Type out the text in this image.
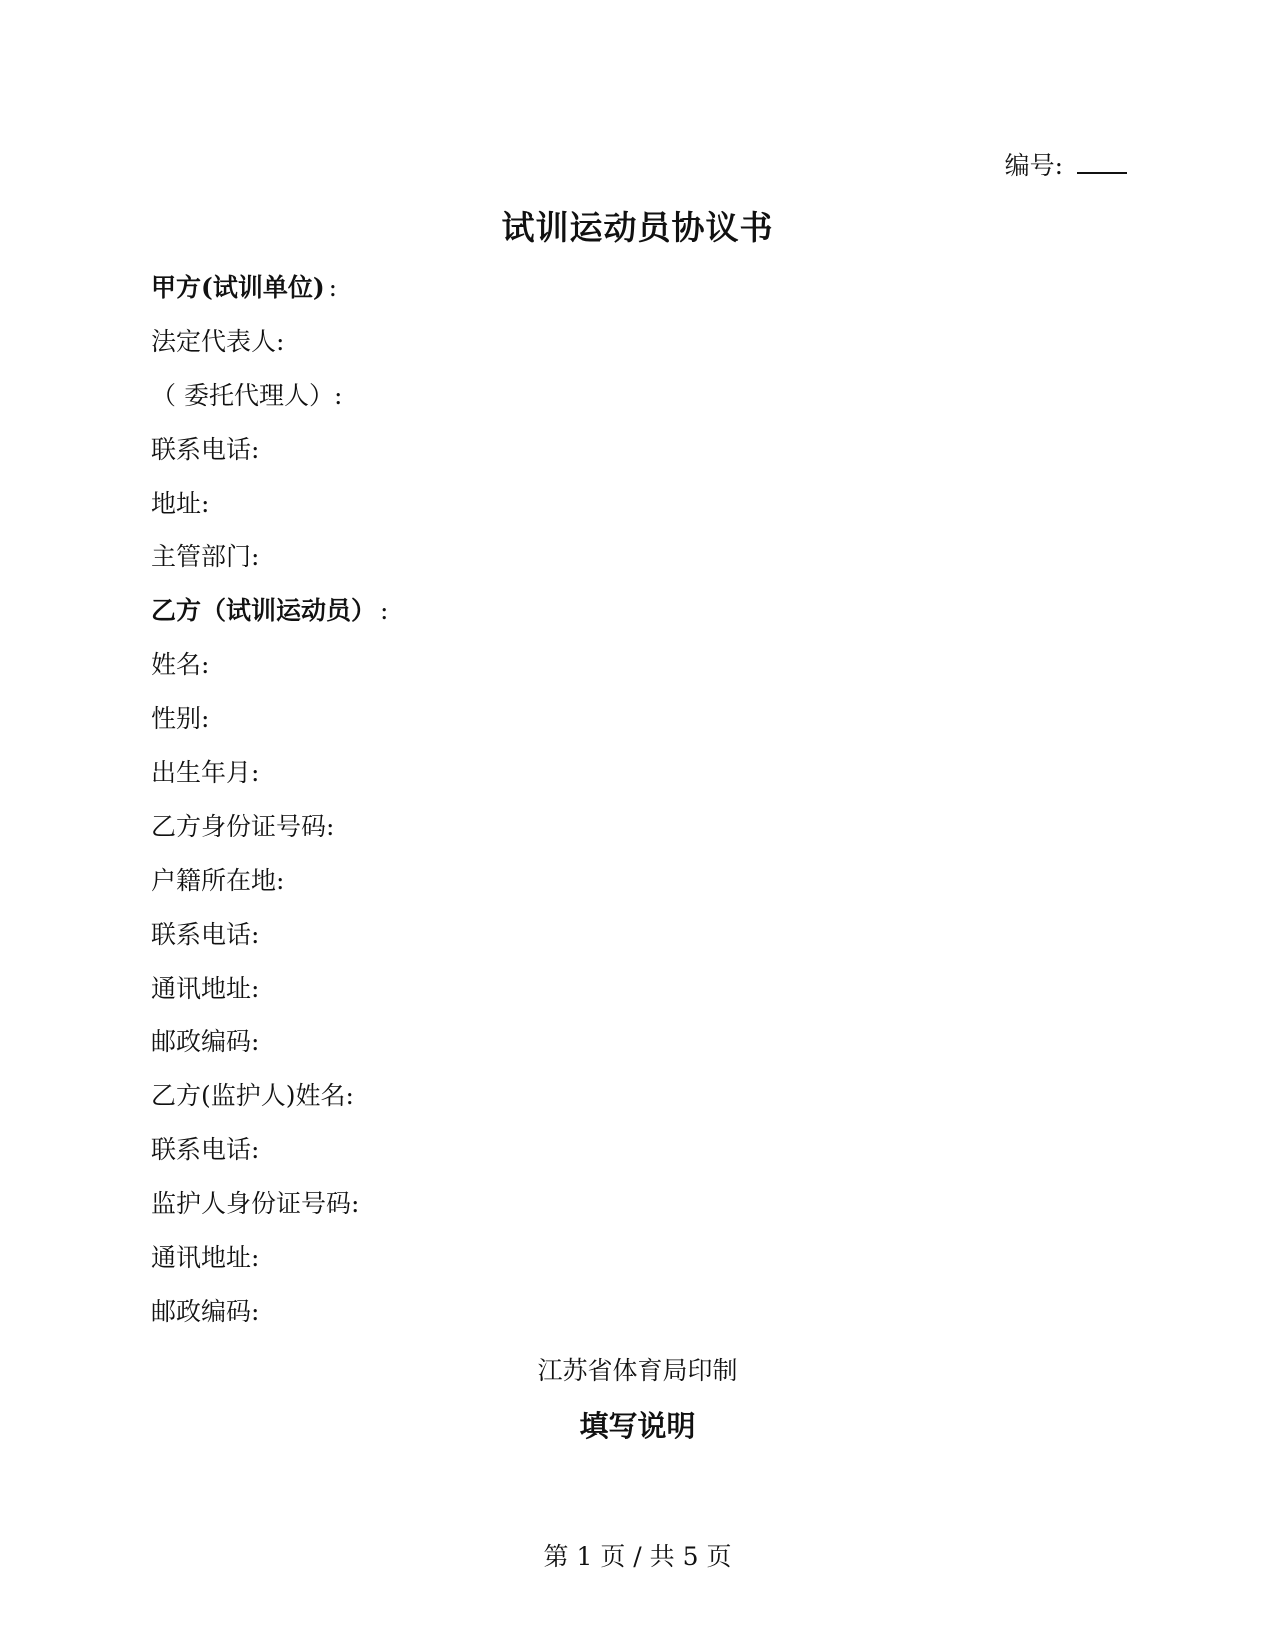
编号:
试训运动员协议书
甲方(试训单位) :
法定代表人:
（ 委托代理人）:
联系电话:
地址:
主管部门:
乙方（试训运动员） :
姓名:
性别:
出生年月:
乙方身份证号码:
户籍所在地:
联系电话:
通讯地址:
邮政编码:
乙方(监护人)姓名:
联系电话:
监护人身份证号码:
通讯地址:
邮政编码:
江苏省体育局印制
填写说明
第 1 页 / 共 5 页
